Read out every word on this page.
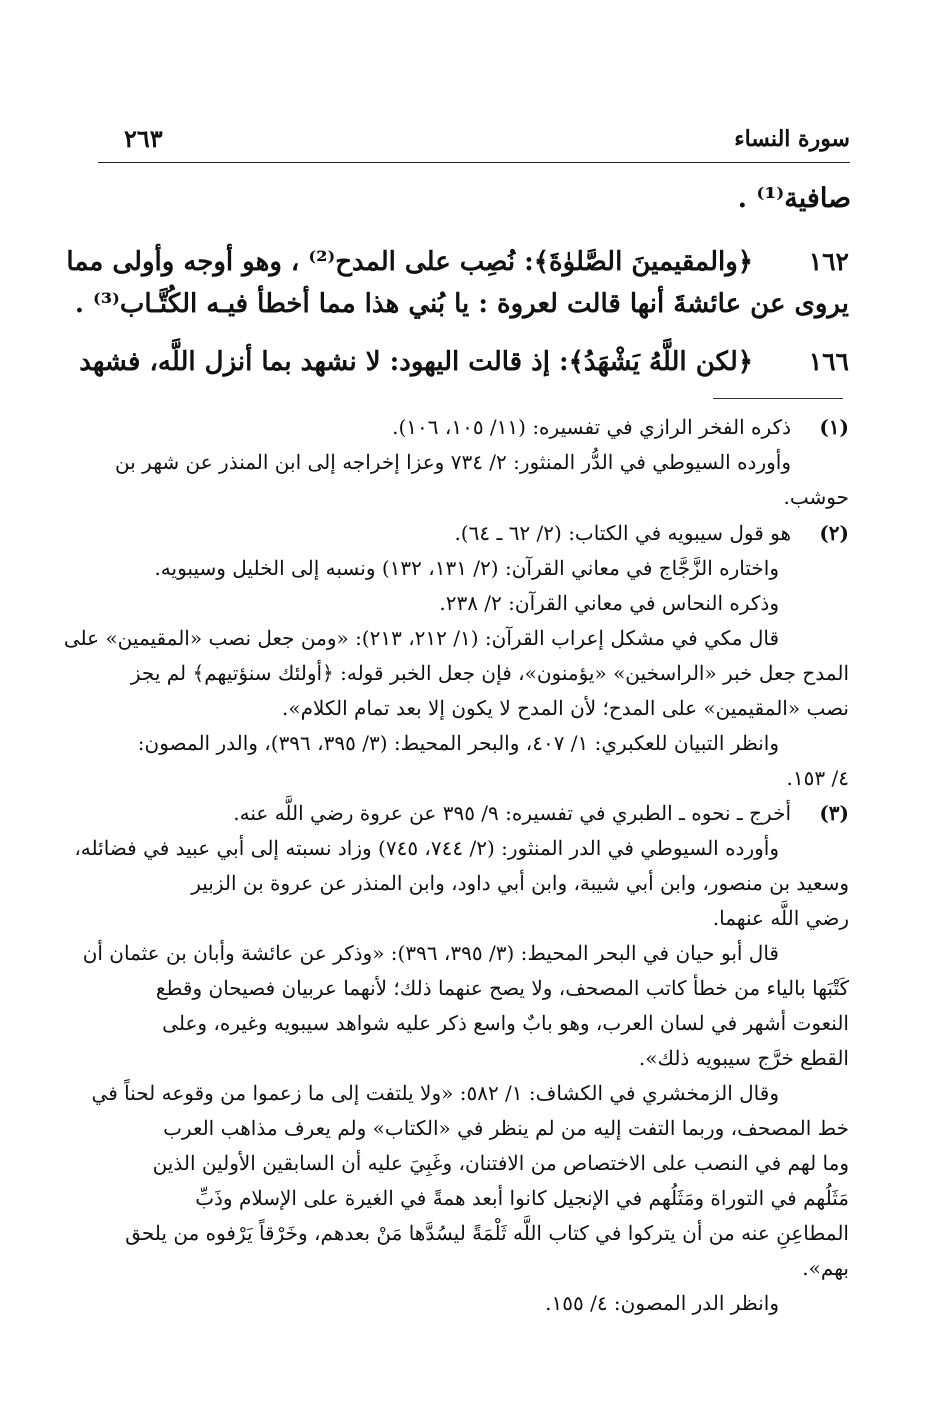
سورة النساء
٢٦٣
صافية⁽¹⁾ .
١٦٢
﴿والمقيمينَ الصَّلوٰةَ﴾: نُصِب على المدح⁽²⁾ ، وهو أوجه وأولى مما
يروى عن عائشةَ أنها قالت لعروة : يا بُني هذا مما أخطأ فيـه الكُتَّـاب⁽³⁾ .
١٦٦
﴿لكن اللَّهُ يَشْهَدُ﴾: إذ قالت اليهود: لا نشهد بما أنزل اللَّه، فشهد
(١)

ذكره الفخر الرازي في تفسيره: (١١/ ١٠٥، ١٠٦).

وأورده السيوطي في الدُّر المنثور: ٢/ ٧٣٤ وعزا إخراجه إلى ابن المنذر عن شهر بن

حوشب.

(٢)

هو قول سيبويه في الكتاب: (٢/ ٦٢ ـ ٦٤).

واختاره الزَّجَّاج في معاني القرآن: (٢/ ١٣١، ١٣٢) ونسبه إلى الخليل وسيبويه.

وذكره النحاس في معاني القرآن: ٢/ ٢٣٨.

قال مكي في مشكل إعراب القرآن: (١/ ٢١٢، ٢١٣): «ومن جعل نصب «المقيمين» على

المدح جعل خبر «الراسخين» «يؤمنون»، فإن جعل الخبر قوله: ﴿أولئك سنؤتيهم﴾ لم يجز

نصب «المقيمين» على المدح؛ لأن المدح لا يكون إلا بعد تمام الكلام».

وانظر التبيان للعكبري: ١/ ٤٠٧، والبحر المحيط: (٣/ ٣٩٥، ٣٩٦)، والدر المصون:

٤/ ١٥٣.

(٣)

أخرج ـ نحوه ـ الطبري في تفسيره: ٩/ ٣٩٥ عن عروة رضي اللَّه عنه.

وأورده السيوطي في الدر المنثور: (٢/ ٧٤٤، ٧٤٥) وزاد نسبته إلى أبي عبيد في فضائله،

وسعيد بن منصور، وابن أبي شيبة، وابن أبي داود، وابن المنذر عن عروة بن الزبير

رضي اللَّه عنهما.

قال أبو حيان في البحر المحيط: (٣/ ٣٩٥، ٣٩٦): «وذكر عن عائشة وأبان بن عثمان أن

كَتْبَها بالياء من خطأ كاتب المصحف، ولا يصح عنهما ذلك؛ لأنهما عربيان فصيحان وقطع

النعوت أشهر في لسان العرب، وهو بابٌ واسع ذكر عليه شواهد سيبويه وغيره، وعلى

القطع خرَّج سيبويه ذلك».

وقال الزمخشري في الكشاف: ١/ ٥٨٢: «ولا يلتفت إلى ما زعموا من وقوعه لحناً في

خط المصحف، وربما التفت إليه من لم ينظر في «الكتاب» ولم يعرف مذاهب العرب

وما لهم في النصب على الاختصاص من الافتنان، وغَبِيَ عليه أن السابقين الأولين الذين

مَثَلُهم في التوراة ومَثَلُهم في الإنجيل كانوا أبعد همةً في الغيرة على الإسلام وذَبِّ

المطاعِنِ عنه من أن يتركوا في كتاب اللَّه ثَلْمَةً ليسُدَّها مَنْ بعدهم، وخَرْقاً يَرْفوه من يلحق

بهم».

وانظر الدر المصون: ٤/ ١٥٥.
